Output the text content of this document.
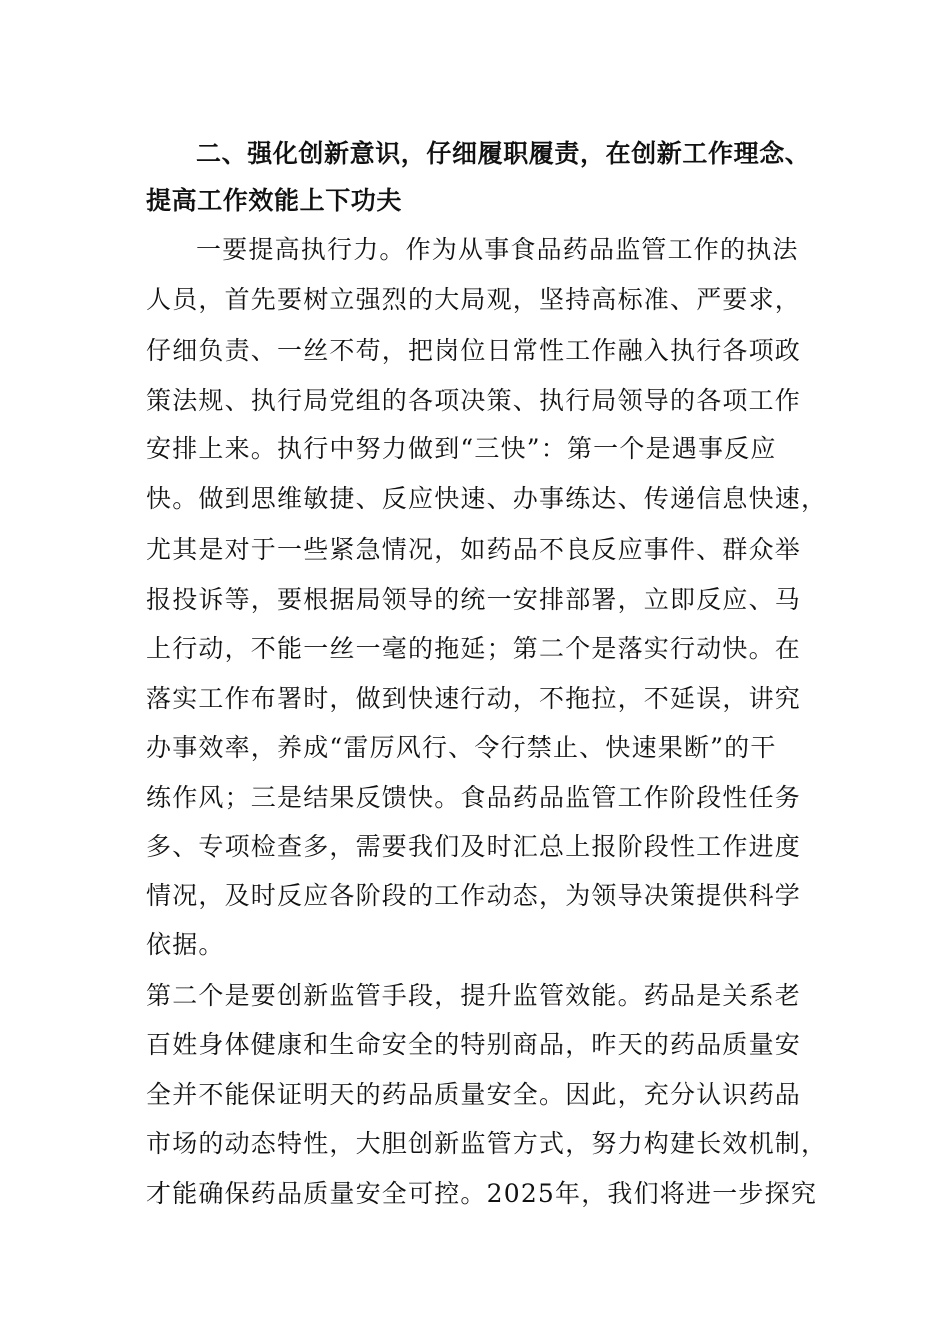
二、强化创新意识，仔细履职履责，在创新工作理念、
提高工作效能上下功夫
一要提高执行力。作为从事食品药品监管工作的执法
人员，首先要树立强烈的大局观，坚持高标准、严要求，
仔细负责、一丝不苟，把岗位日常性工作融入执行各项政
策法规、执行局党组的各项决策、执行局领导的各项工作
安排上来。执行中努力做到“三快”：第一个是遇事反应
快。做到思维敏捷、反应快速、办事练达、传递信息快速，
尤其是对于一些紧急情况，如药品不良反应事件、群众举
报投诉等，要根据局领导的统一安排部署，立即反应、马
上行动，不能一丝一毫的拖延；第二个是落实行动快。在
落实工作布署时，做到快速行动，不拖拉，不延误，讲究
办事效率，养成“雷厉风行、令行禁止、快速果断”的干
练作风；三是结果反馈快。食品药品监管工作阶段性任务
多、专项检查多，需要我们及时汇总上报阶段性工作进度
情况，及时反应各阶段的工作动态，为领导决策提供科学
依据。
第二个是要创新监管手段，提升监管效能。药品是关系老
百姓身体健康和生命安全的特别商品，昨天的药品质量安
全并不能保证明天的药品质量安全。因此，充分认识药品
市场的动态特性，大胆创新监管方式，努力构建长效机制，
才能确保药品质量安全可控。2025年，我们将进一步探究
